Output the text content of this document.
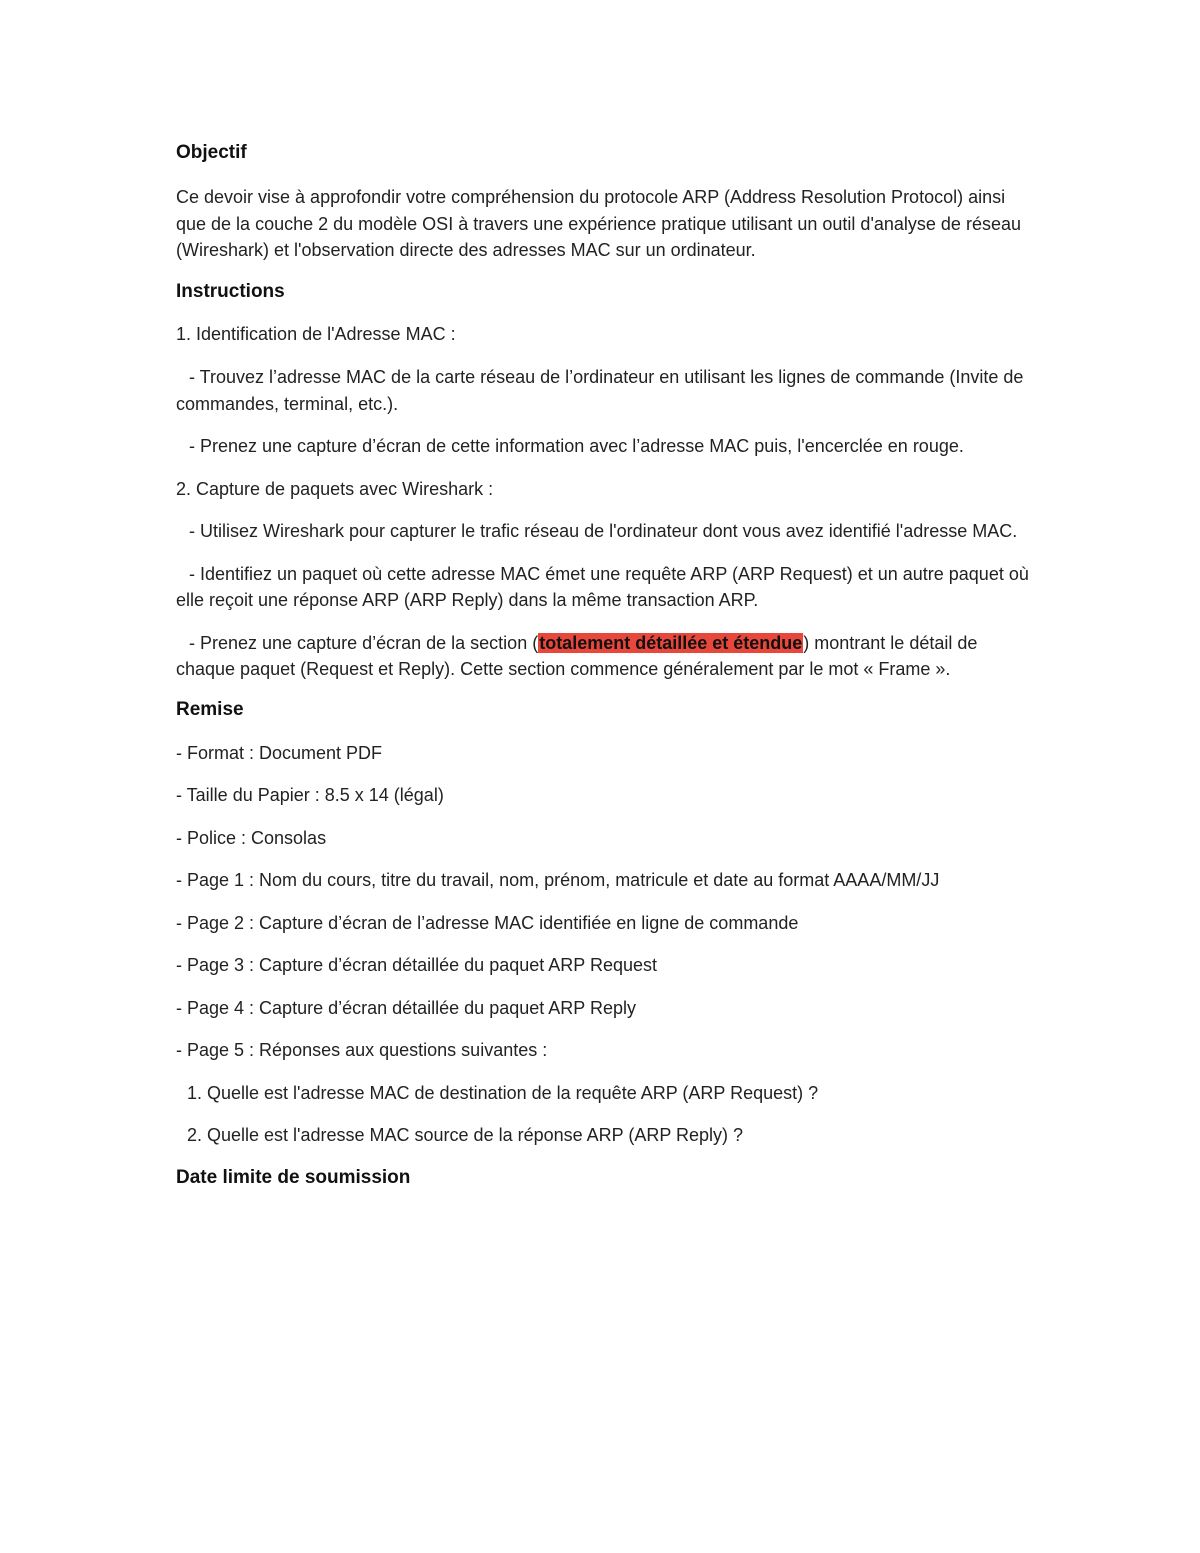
Objectif

Ce devoir vise à approfondir votre compréhension du protocole ARP (Address Resolution Protocol) ainsi que de la couche 2 du modèle OSI à travers une expérience pratique utilisant un outil d'analyse de réseau (Wireshark) et l'observation directe des adresses MAC sur un ordinateur.

Instructions

1. Identification de l'Adresse MAC :

- Trouvez l’adresse MAC de la carte réseau de l’ordinateur en utilisant les lignes de commande (Invite de commandes, terminal, etc.).

- Prenez une capture d’écran de cette information avec l’adresse MAC puis, l'encerclée en rouge.

2. Capture de paquets avec Wireshark :

- Utilisez Wireshark pour capturer le trafic réseau de l'ordinateur dont vous avez identifié l'adresse MAC.

- Identifiez un paquet où cette adresse MAC émet une requête ARP (ARP Request) et un autre paquet où elle reçoit une réponse ARP (ARP Reply) dans la même transaction ARP.

- Prenez une capture d’écran de la section (totalement détaillée et étendue) montrant le détail de chaque paquet (Request et Reply). Cette section commence généralement par le mot « Frame ».

Remise

- Format : Document PDF

- Taille du Papier : 8.5 x 14 (légal)

- Police : Consolas

- Page 1 : Nom du cours, titre du travail, nom, prénom, matricule et date au format AAAA/MM/JJ

- Page 2 : Capture d’écran de l’adresse MAC identifiée en ligne de commande

- Page 3 : Capture d’écran détaillée du paquet ARP Request

- Page 4 : Capture d’écran détaillée du paquet ARP Reply

- Page 5 : Réponses aux questions suivantes :

1. Quelle est l'adresse MAC de destination de la requête ARP (ARP Request) ?

2. Quelle est l'adresse MAC source de la réponse ARP (ARP Reply) ?

Date limite de soumission
